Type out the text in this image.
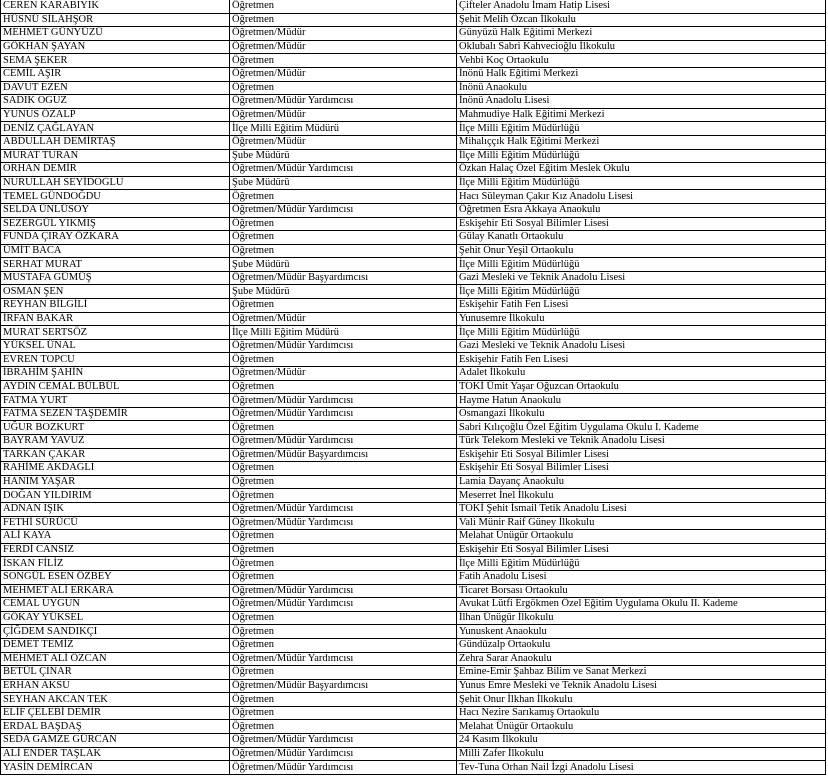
CEREN KARABIYIK	Öğretmen	Çifteler Anadolu İmam Hatip Lisesi
HÜSNÜ SİLAHŞOR	Öğretmen	Şehit Melih Özcan İlkokulu
MEHMET GÜNYÜZÜ	Öğretmen/Müdür	Günyüzü Halk Eğitimi Merkezi
GÖKHAN ŞAYAN	Öğretmen/Müdür	Oklubalı Sabri Kahvecioğlu İlkokulu
SEMA ŞEKER	Öğretmen	Vehbi Koç Ortaokulu
CEMİL AŞIR	Öğretmen/Müdür	İnönü Halk Eğitimi Merkezi
DAVUT EZEN	Öğretmen	İnönü Anaokulu
SADIK OĞUZ	Öğretmen/Müdür Yardımcısı	İnönü Anadolu Lisesi
YUNUS ÖZALP	Öğretmen/Müdür	Mahmudiye Halk Eğitimi Merkezi
DENİZ ÇAĞLAYAN	İlçe Milli Eğitim Müdürü	İlçe Milli Eğitim Müdürlüğü
ABDULLAH DEMİRTAŞ	Öğretmen/Müdür	Mihalıççık Halk Eğitimi Merkezi
MURAT TURAN	Şube Müdürü	İlçe Milli Eğitim Müdürlüğü
ORHAN DEMİR	Öğretmen/Müdür Yardımcısı	Özkan Halaç Özel Eğitim Meslek Okulu
NURULLAH SEYİDOĞLU	Şube Müdürü	İlçe Milli Eğitim Müdürlüğü
TEMEL GÜNDOĞDU	Öğretmen	Hacı Süleyman Çakır Kız Anadolu Lisesi
SELDA ÜNLÜSOY	Öğretmen/Müdür Yardımcısı	Öğretmen Esra Akkaya Anaokulu
SEZERGÜL YIKMIŞ	Öğretmen	Eskişehir Eti Sosyal Bilimler Lisesi
FUNDA ÇIRAY ÖZKARA	Öğretmen	Gülay Kanatlı Ortaokulu
ÜMİT BACA	Öğretmen	Şehit Onur Yeşil Ortaokulu
SERHAT MURAT	Şube Müdürü	İlçe Milli Eğitim Müdürlüğü
MUSTAFA GÜMÜŞ	Öğretmen/Müdür Başyardımcısı	Gazi Mesleki ve Teknik Anadolu Lisesi
OSMAN ŞEN	Şube Müdürü	İlçe Milli Eğitim Müdürlüğü
REYHAN BİLGİLİ	Öğretmen	Eskişehir Fatih Fen Lisesi
İRFAN BAKAR	Öğretmen/Müdür	Yunusemre İlkokulu
MURAT SERTSÖZ	İlçe Milli Eğitim Müdürü	İlçe Milli Eğitim Müdürlüğü
YÜKSEL ÜNAL	Öğretmen/Müdür Yardımcısı	Gazi Mesleki ve Teknik Anadolu Lisesi
EVREN TOPCU	Öğretmen	Eskişehir Fatih Fen Lisesi
İBRAHİM ŞAHİN	Öğretmen/Müdür	Adalet İlkokulu
AYDIN CEMAL BÜLBÜL	Öğretmen	TOKİ Ümit Yaşar Oğuzcan Ortaokulu
FATMA YURT	Öğretmen/Müdür Yardımcısı	Hayme Hatun Anaokulu
FATMA SEZEN TAŞDEMİR	Öğretmen/Müdür Yardımcısı	Osmangazi İlkokulu
UĞUR BOZKURT	Öğretmen	Sabri Kılıçoğlu Özel Eğitim Uygulama Okulu I. Kademe
BAYRAM YAVUZ	Öğretmen/Müdür Yardımcısı	Türk Telekom Mesleki ve Teknik Anadolu Lisesi
TARKAN ÇAKAR	Öğretmen/Müdür Başyardımcısı	Eskişehir Eti Sosyal Bilimler Lisesi
RAHİME AKDAĞLI	Öğretmen	Eskişehir Eti Sosyal Bilimler Lisesi
HANIM YAŞAR	Öğretmen	Lamia Dayanç Anaokulu
DOĞAN YILDIRIM	Öğretmen	Meserret İnel İlkokulu
ADNAN IŞIK	Öğretmen/Müdür Yardımcısı	TOKİ Şehit İsmail Tetik Anadolu Lisesi
FETHİ SÜRÜCÜ	Öğretmen/Müdür Yardımcısı	Vali Münir Raif Güney İlkokulu
ALİ KAYA	Öğretmen	Melahat Ünügür Ortaokulu
FERDİ CANSIZ	Öğretmen	Eskişehir Eti Sosyal Bilimler Lisesi
İSKAN FİLİZ	Öğretmen	İlçe Milli Eğitim Müdürlüğü
SONGÜL ESEN ÖZBEY	Öğretmen	Fatih Anadolu Lisesi
MEHMET ALİ ERKARA	Öğretmen/Müdür Yardımcısı	Ticaret Borsası Ortaokulu
CEMAL UYGUN	Öğretmen/Müdür Yardımcısı	Avukat Lütfi Ergökmen Özel Eğitim Uygulama Okulu II. Kademe
GÖKAY YÜKSEL	Öğretmen	İlhan Ünügür İlkokulu
ÇİĞDEM SANDIKÇI	Öğretmen	Yunuskent Anaokulu
DEMET TEMİZ	Öğretmen	Gündüzalp Ortaokulu
MEHMET ALİ ÖZCAN	Öğretmen/Müdür Yardımcısı	Zehra Sarar Anaokulu
BETÜL ÇINAR	Öğretmen	Emine-Emir Şahbaz Bilim ve Sanat Merkezi
ERHAN AKSU	Öğretmen/Müdür Başyardımcısı	Yunus Emre Mesleki ve Teknik Anadolu Lisesi
SEYHAN AKCAN TEK	Öğretmen	Şehit Onur İlkhan İlkokulu
ELİF ÇELEBİ DEMİR	Öğretmen	Hacı Nezire Sarıkamış Ortaokulu
ERDAL BAŞDAŞ	Öğretmen	Melahat Ünügür Ortaokulu
SEDA GAMZE GÜRCAN	Öğretmen/Müdür Yardımcısı	24 Kasım İlkokulu
ALİ ENDER TAŞLAK	Öğretmen/Müdür Yardımcısı	Milli Zafer İlkokulu
YASİN DEMİRCAN	Öğretmen/Müdür Yardımcısı	Tev-Tuna Orhan Nail İzgi Anadolu Lisesi
